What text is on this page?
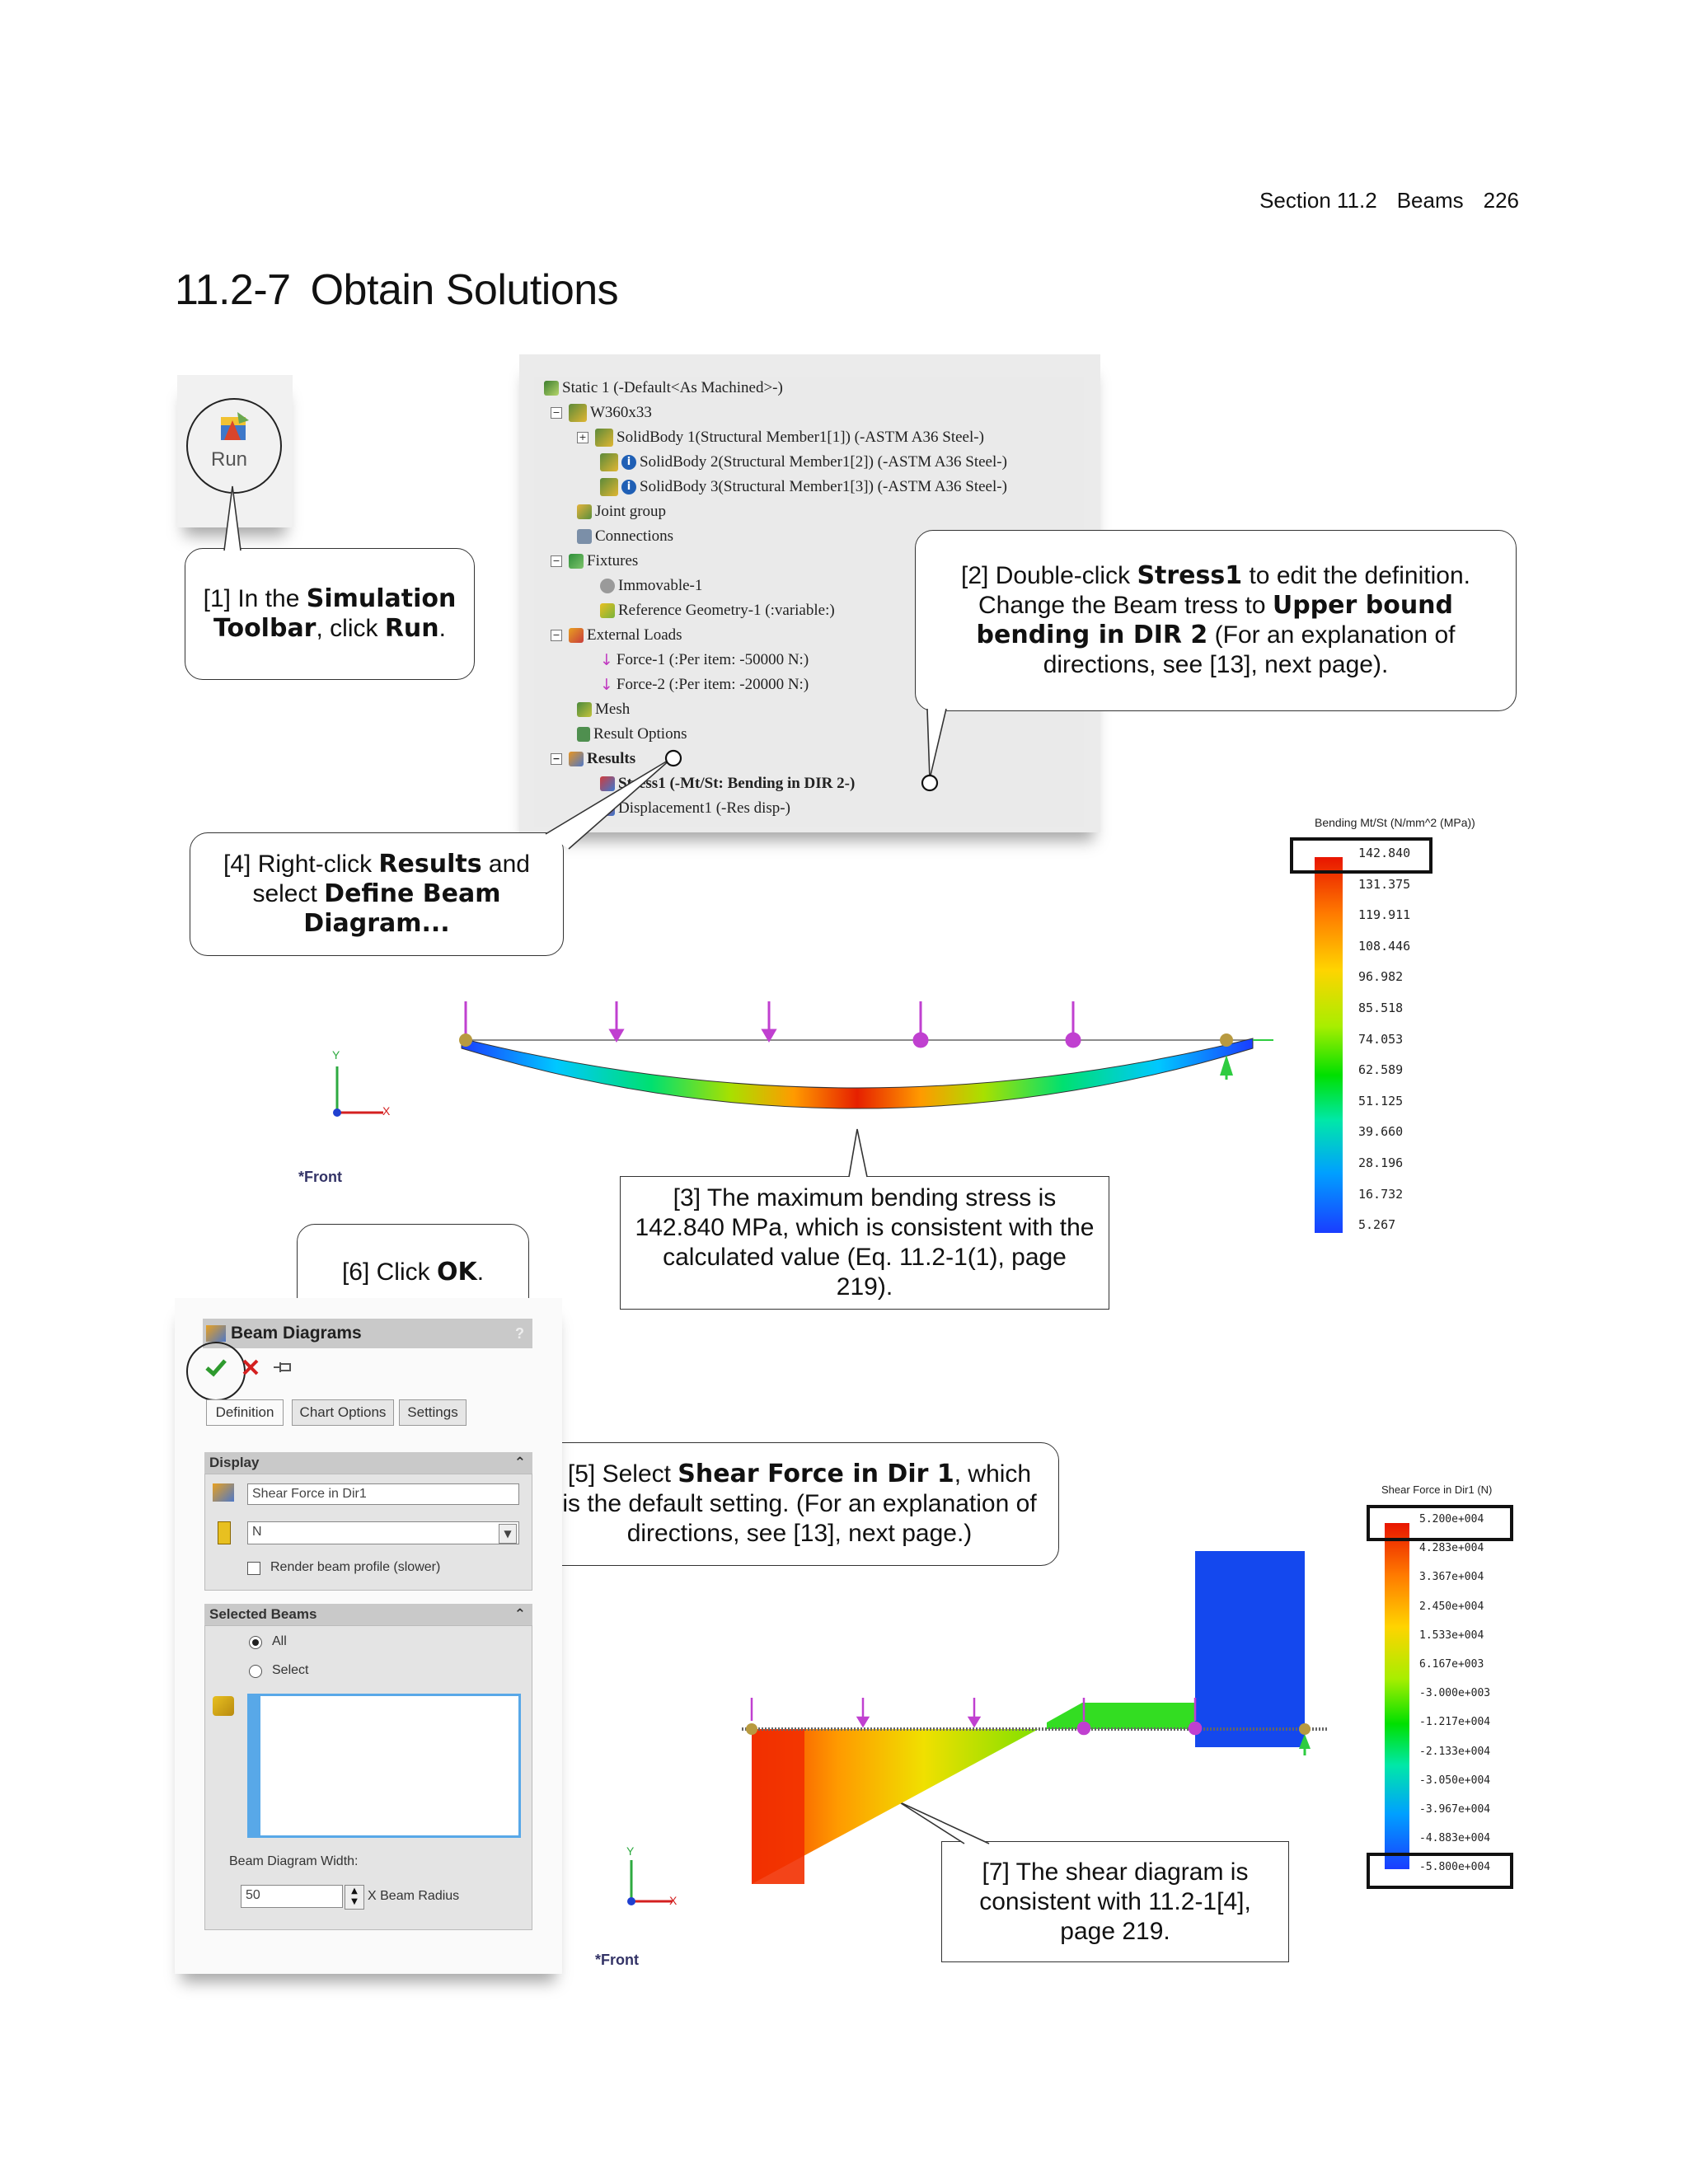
Section 11.2 Beams 226
11.2-7 Obtain Solutions
Run
Static 1 (-Default<As Machined>-)
− W360x33
+ SolidBody 1(Structural Member1[1]) (-ASTM A36 Steel-)
i SolidBody 2(Structural Member1[2]) (-ASTM A36 Steel-)
i SolidBody 3(Structural Member1[3]) (-ASTM A36 Steel-)
Joint group
Connections
− Fixtures
Immovable-1
Reference Geometry-1 (:variable:)
− External Loads
↓ Force-1 (:Per item: -50000 N:)
↓ Force-2 (:Per item: -20000 N:)
Mesh
Result Options
− Results
Stress1 (-Mt/St: Bending in DIR 2-)
Displacement1 (-Res disp-)
[1] In the Simulation
Toolbar, click Run.
[2] Double-click Stress1 to edit the definition. Change the Beam tress to Upper bound bending in DIR 2 (For an explanation of directions, see [13], next page).
[4] Right-click Results and select Define Beam Diagram...
[3] The maximum bending stress is 142.840 MPa, which is consistent with the calculated value (Eq. 11.2-1(1), page 219).
[6] Click OK.
[5] Select Shear Force in Dir 1, which is the default setting. (For an explanation of directions, see [13], next page.)
[7] The shear diagram is consistent with 11.2-1[4], page 219.
Bending Mt/St (N/mm^2 (MPa))
142.840
131.375
119.911
108.446
96.982
85.518
74.053
62.589
51.125
39.660
28.196
16.732
5.267
Y
X
*Front
Beam Diagrams	?
Definition	Chart Options	Settings
Display	⌃
Shear Force in Dir1
N	▼
Render beam profile (slower)
Selected Beams	⌃
All
Select
Beam Diagram Width:
50	▲
▼ X Beam Radius
Shear Force in Dir1 (N)
5.200e+004
4.283e+004
3.367e+004
2.450e+004
1.533e+004
6.167e+003
-3.000e+003
-1.217e+004
-2.133e+004
-3.050e+004
-3.967e+004
-4.883e+004
-5.800e+004
Y
X
*Front
